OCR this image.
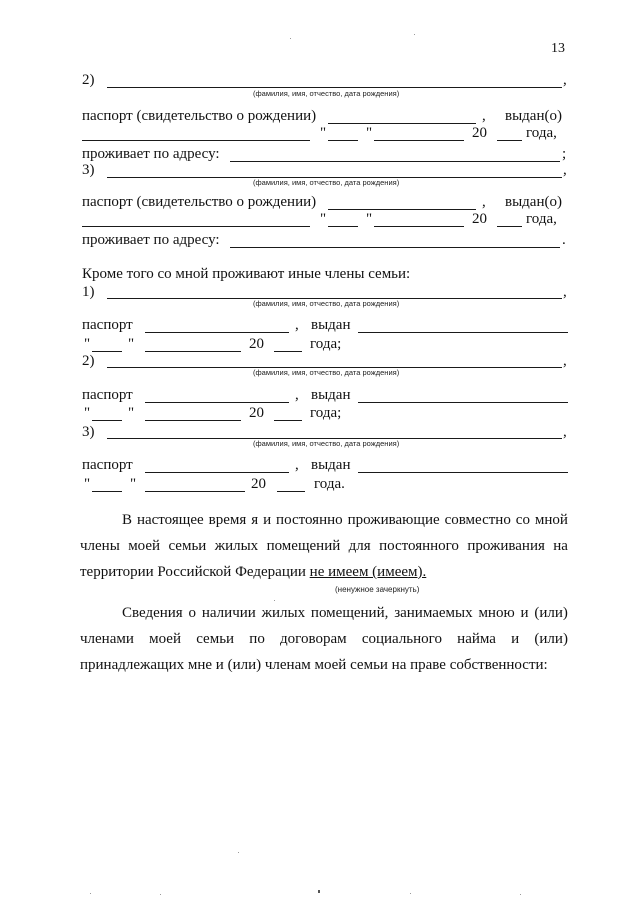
13
2)	,
(фамилия, имя, отчество, дата рождения)
паспорт (свидетельство о рождении)	, выдан(о)
"	"	20	года,
проживает по адресу:	;
3)	,
(фамилия, имя, отчество, дата рождения)
паспорт (свидетельство о рождении)	, выдан(о)
"	"	20	года,
проживает по адресу:	.
Кроме того со мной проживают иные члены семьи:
1)	,
(фамилия, имя, отчество, дата рождения)
паспорт	, выдан
"	"	20	года;
2)	,
(фамилия, имя, отчество, дата рождения)
паспорт	, выдан
"	"	20	года;
3)	,
(фамилия, имя, отчество, дата рождения)
паспорт	, выдан
"	"	20	года.
В настоящее время я и постоянно проживающие совместно со мной
члены моей семьи жилых помещений для постоянного проживания на
территории Российской Федерации не имеем (имеем).
(ненужное зачеркнуть)
Сведения о наличии жилых помещений, занимаемых мною и (или)
членами моей семьи по договорам социального найма и (или)
принадлежащих мне и (или) членам моей семьи на праве собственности:
